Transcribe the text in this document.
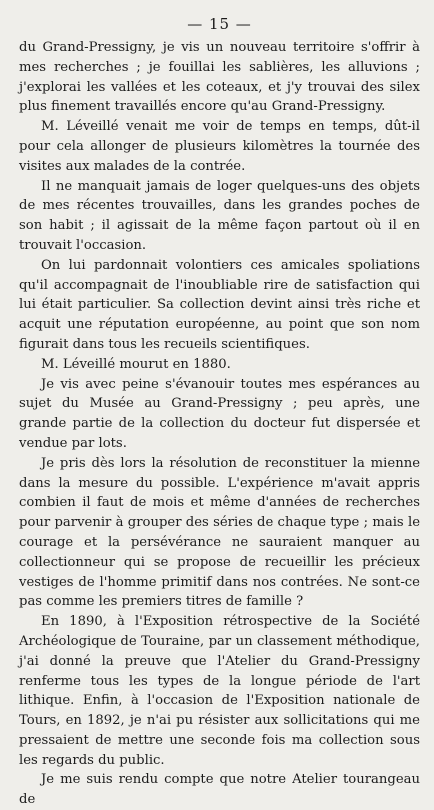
— 15 —

du Grand-Pressigny, je vis un nouveau territoire s'offrir à mes recherches ; je fouillai les sablières, les alluvions ; j'explorai les vallées et les coteaux, et j'y trouvai des silex plus finement travaillés encore qu'au Grand-Pressigny.

M. Léveillé venait me voir de temps en temps, dût-il pour cela allonger de plusieurs kilomètres la tournée des visites aux malades de la contrée.

Il ne manquait jamais de loger quelques-uns des objets de mes récentes trouvailles, dans les grandes poches de son habit ; il agissait de la même façon partout où il en trouvait l'occasion.

On lui pardonnait volontiers ces amicales spoliations qu'il accompagnait de l'inoubliable rire de satisfaction qui lui était particulier. Sa collection devint ainsi très riche et acquit une réputation européenne, au point que son nom figurait dans tous les recueils scientifiques.

M. Léveillé mourut en 1880.

Je vis avec peine s'évanouir toutes mes espérances au sujet du Musée au Grand-Pressigny ; peu après, une grande partie de la collection du docteur fut dispersée et vendue par lots.

Je pris dès lors la résolution de reconstituer la mienne dans la mesure du possible. L'expérience m'avait appris combien il faut de mois et même d'années de recherches pour parvenir à grouper des séries de chaque type ; mais le courage et la persévérance ne sauraient manquer au collectionneur qui se propose de recueillir les précieux vestiges de l'homme primitif dans nos contrées. Ne sont-ce pas comme les premiers titres de famille ?

En 1890, à l'Exposition rétrospective de la Société Archéologique de Touraine, par un classement méthodique, j'ai donné la preuve que l'Atelier du Grand-Pressigny renferme tous les types de la longue période de l'art lithique. Enfin, à l'occasion de l'Exposition nationale de Tours, en 1892, je n'ai pu résister aux sollicitations qui me pressaient de mettre une seconde fois ma collection sous les regards du public.

Je me suis rendu compte que notre Atelier tourangeau de
